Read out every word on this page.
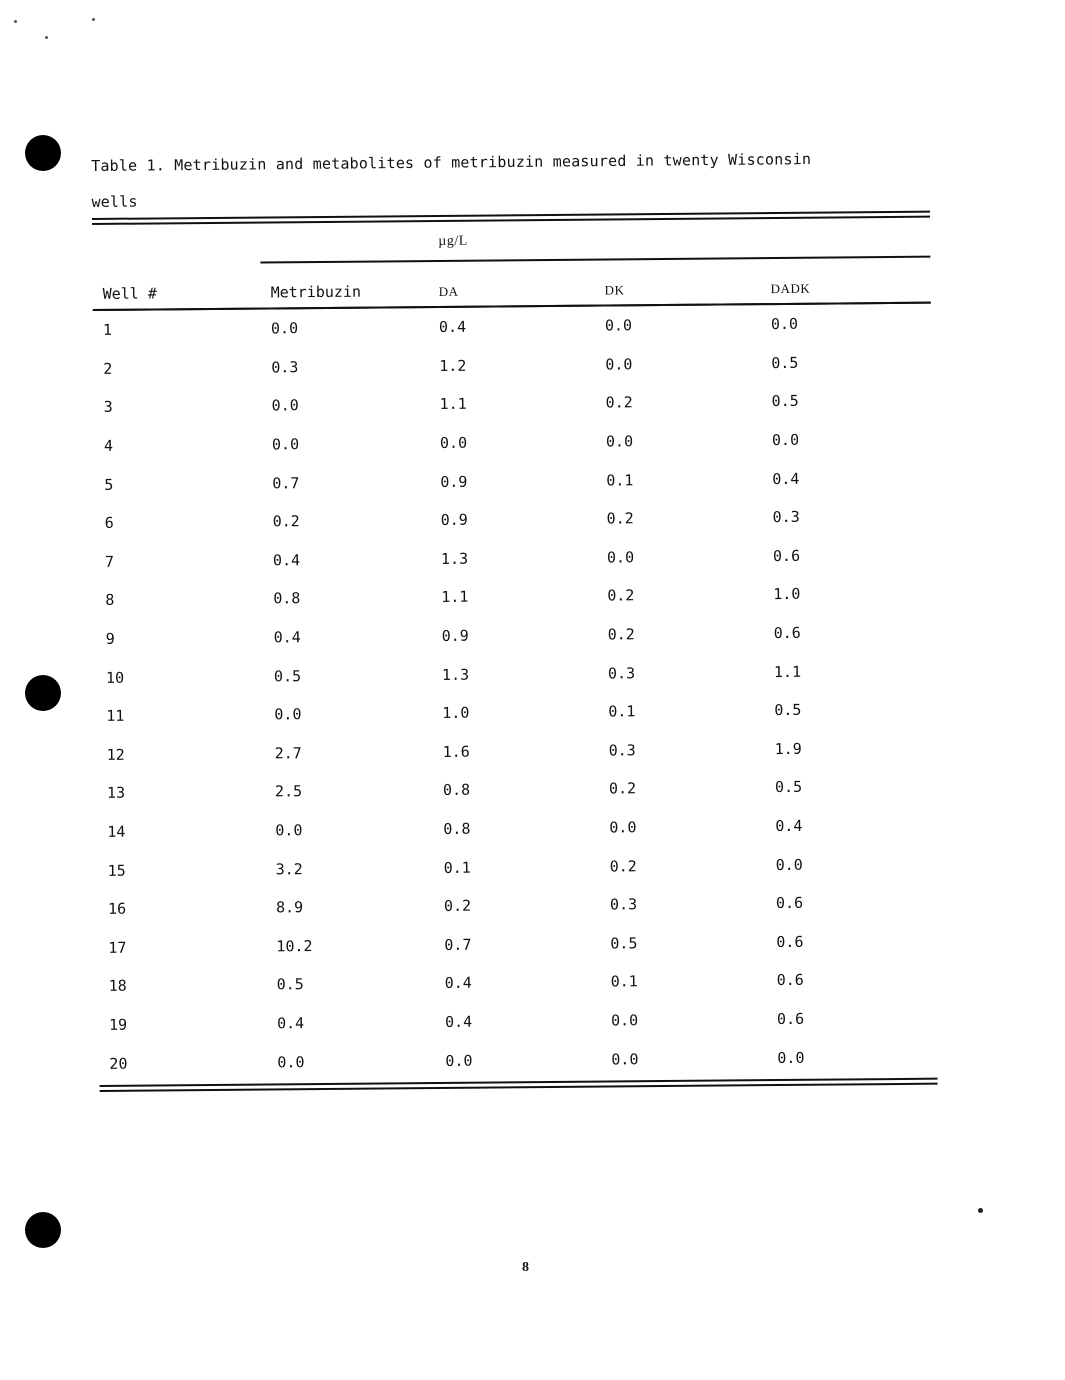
Table 1. Metribuzin and metabolites of metribuzin measured in twenty Wisconsin
wells
µg/L
Well #	Metribuzin	DA	DK	DADK
1	0.0	0.4	0.0	0.0
2	0.3	1.2	0.0	0.5
3	0.0	1.1	0.2	0.5
4	0.0	0.0	0.0	0.0
5	0.7	0.9	0.1	0.4
6	0.2	0.9	0.2	0.3
7	0.4	1.3	0.0	0.6
8	0.8	1.1	0.2	1.0
9	0.4	0.9	0.2	0.6
10	0.5	1.3	0.3	1.1
11	0.0	1.0	0.1	0.5
12	2.7	1.6	0.3	1.9
13	2.5	0.8	0.2	0.5
14	0.0	0.8	0.0	0.4
15	3.2	0.1	0.2	0.0
16	8.9	0.2	0.3	0.6
17	10.2	0.7	0.5	0.6
18	0.5	0.4	0.1	0.6
19	0.4	0.4	0.0	0.6
20	0.0	0.0	0.0	0.0
8
